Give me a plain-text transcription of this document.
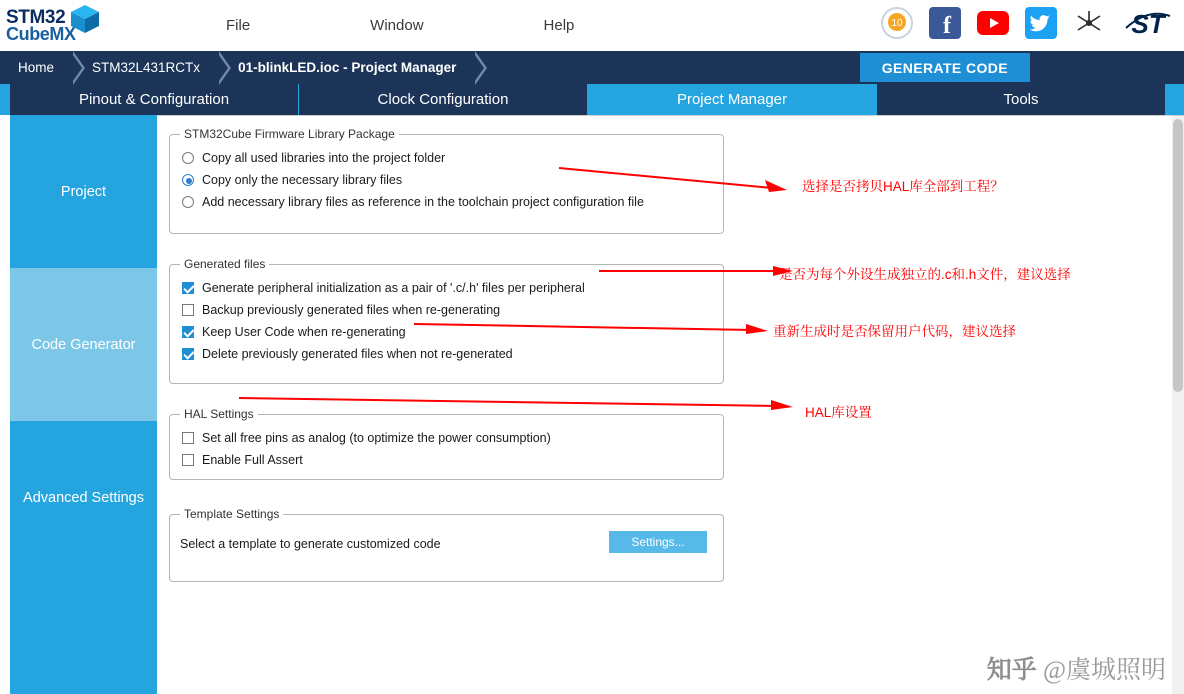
STM32
CubeMX	File	Window	Help	10 f	ST
Home	STM32L431RCTx	01-blinkLED.ioc - Project Manager	GENERATE CODE
Pinout & Configuration	Clock Configuration	Project Manager	Tools
Project
Code Generator
Advanced Settings
STM32Cube Firmware Library Package
Copy all used libraries into the project folder
Copy only the necessary library files
Add necessary library files as reference in the toolchain project configuration file
Generated files
Generate peripheral initialization as a pair of '.c/.h' files per peripheral
Backup previously generated files when re-generating
Keep User Code when re-generating
Delete previously generated files when not re-generated
HAL Settings
Set all free pins as analog (to optimize the power consumption)
Enable Full Assert
Template Settings
Select a template to generate customized code	Settings...
选择是否拷贝HAL库全部到工程？
是否为每个外设生成独立的.c和.h文件，建议选择
重新生成时是否保留用户代码，建议选择
HAL库设置
知乎 @虞城照明
